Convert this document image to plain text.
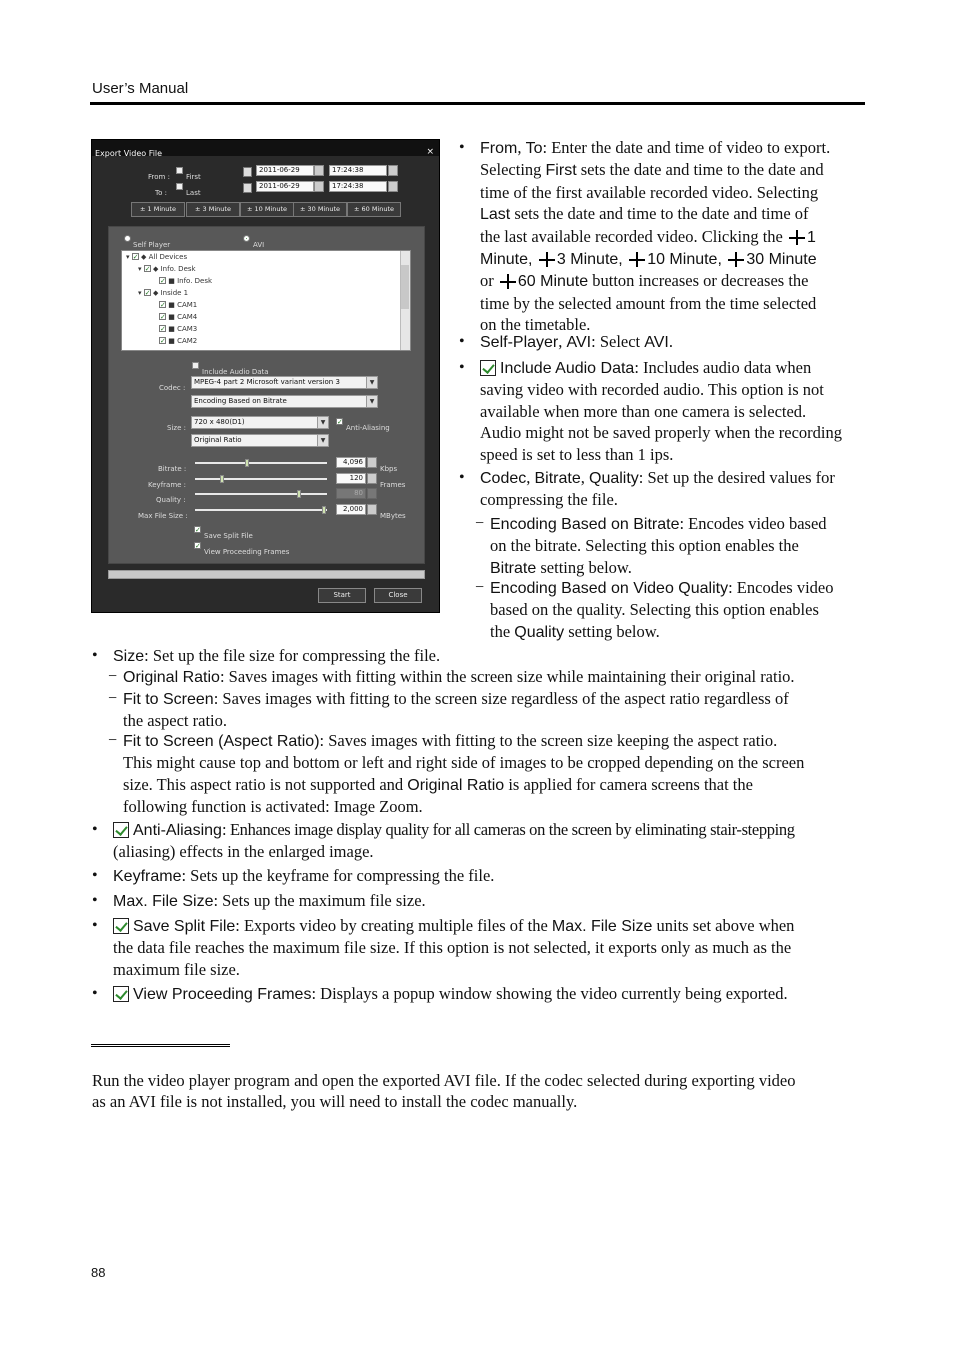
User’s Manual
Export Video File	×
From : First
2011-06-29	17:24:38
To :	Last
2011-06-29	17:24:38
± 1 Minute	± 3 Minute	± 10 Minute	± 30 Minute	± 60 Minute
Self Player	AVI
▾ ✓ ◆ All Devices
▾ ✓ ◆ Info. Desk
✓ ■ Info. Desk
▾ ✓ ◆ Inside 1
✓ ■ CAM1
✓ ■ CAM4
✓ ■ CAM3
✓ ■ CAM2
Include Audio Data
Codec :
MPEG-4 part 2 Microsoft variant version 3	▼
Encoding Based on Bitrate	▼
Size :
720 x 480(D1)	▼	✓
Anti-Aliasing
Original Ratio	▼
Bitrate :
4,096
Kbps
Keyframe :
120
Frames
Quality :
80
Max File Size :
2,000
MBytes
✓
Save Split File
✓
View Proceeding Frames
Start	Close
• From, To: Enter the date and time of video to export.
Selecting First sets the date and time to the date and
time of the first available recorded video. Selecting
Last sets the date and time to the date and time of
the last available recorded video. Clicking the 1
Minute, 3 Minute, 10 Minute, 30 Minute
or 60 Minute button increases or decreases the
time by the selected amount from the time selected
on the timetable.
• Self-Player, AVI: Select AVI.
•	Include Audio Data: Includes audio data when
saving video with recorded audio. This option is not
available when more than one camera is selected.
Audio might not be saved properly when the recording
speed is set to less than 1 ips.
• Codec, Bitrate, Quality: Set up the desired values for
compressing the file.
− Encoding Based on Bitrate: Encodes video based
on the bitrate. Selecting this option enables the
Bitrate setting below.
− Encoding Based on Video Quality: Encodes video
based on the quality. Selecting this option enables
the Quality setting below.
• Size: Set up the file size for compressing the file.
− Original Ratio: Saves images with fitting within the screen size while maintaining their original ratio.
− Fit to Screen: Saves images with fitting to the screen size regardless of the aspect ratio regardless of
the aspect ratio.
− Fit to Screen (Aspect Ratio): Saves images with fitting to the screen size keeping the aspect ratio.
This might cause top and bottom or left and right side of images to be cropped depending on the screen
size. This aspect ratio is not supported and Original Ratio is applied for camera screens that the
following function is activated: Image Zoom.
•	Anti-Aliasing: Enhances image display quality for all cameras on the screen by eliminating stair-stepping
(aliasing) effects in the enlarged image.
• Keyframe: Sets up the keyframe for compressing the file.
• Max. File Size: Sets up the maximum file size.
•	Save Split File: Exports video by creating multiple files of the Max. File Size units set above when
the data file reaches the maximum file size. If this option is not selected, it exports only as much as the
maximum file size.
•	View Proceeding Frames: Displays a popup window showing the video currently being exported.
Run the video player program and open the exported AVI file. If the codec selected during exporting video
as an AVI file is not installed, you will need to install the codec manually.
88
